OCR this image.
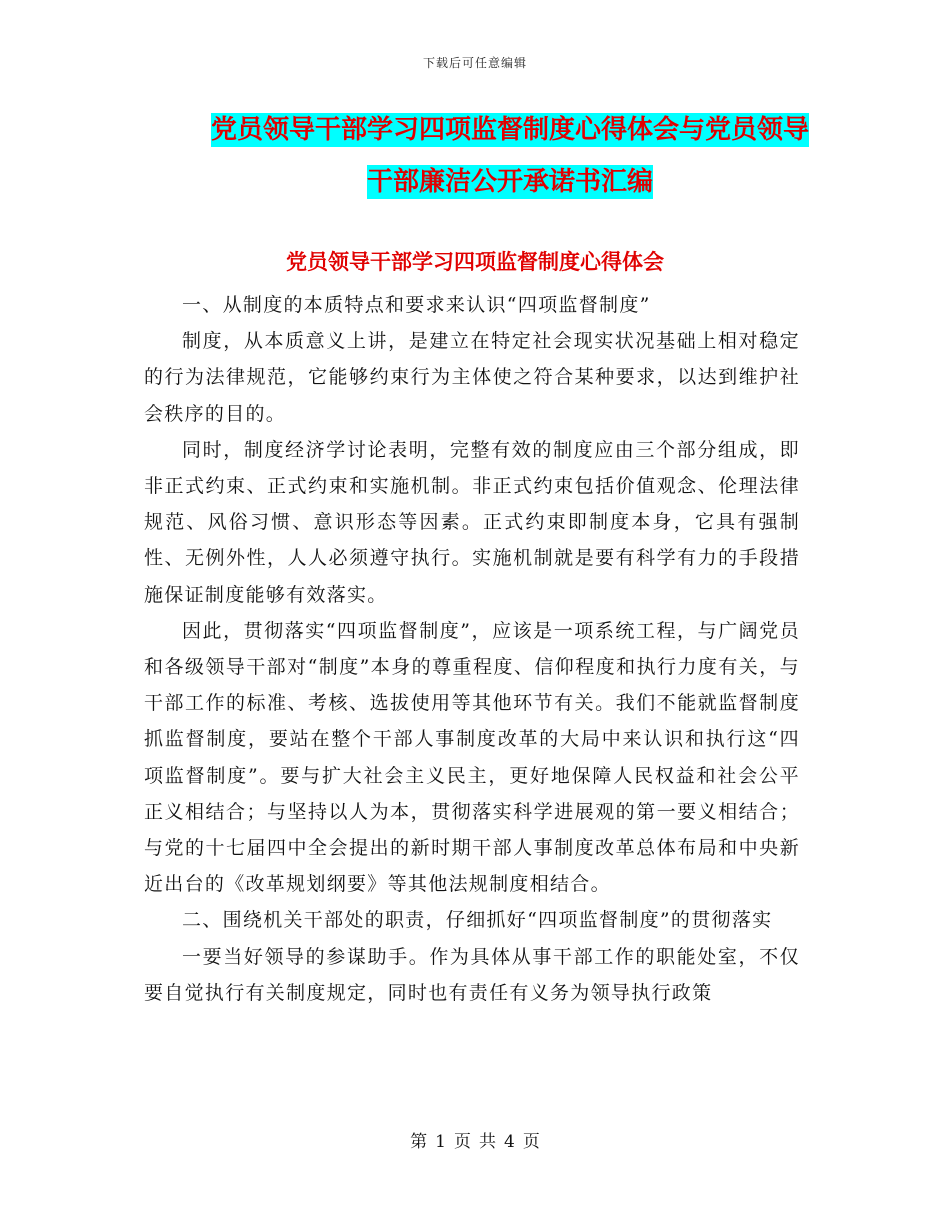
下载后可任意编辑
党员领导干部学习四项监督制度心得体会与党员领导
干部廉洁公开承诺书汇编
党员领导干部学习四项监督制度心得体会

一、从制度的本质特点和要求来认识“四项监督制度”

制度，从本质意义上讲，是建立在特定社会现实状况基础上相对稳定的行为法律规范，它能够约束行为主体使之符合某种要求，以达到维护社会秩序的目的。

同时，制度经济学讨论表明，完整有效的制度应由三个部分组成，即非正式约束、正式约束和实施机制。非正式约束包括价值观念、伦理法律规范、风俗习惯、意识形态等因素。正式约束即制度本身，它具有强制性、无例外性，人人必须遵守执行。实施机制就是要有科学有力的手段措施保证制度能够有效落实。

因此，贯彻落实“四项监督制度”，应该是一项系统工程，与广阔党员和各级领导干部对“制度”本身的尊重程度、信仰程度和执行力度有关，与干部工作的标准、考核、选拔使用等其他环节有关。我们不能就监督制度抓监督制度，要站在整个干部人事制度改革的大局中来认识和执行这“四项监督制度”。要与扩大社会主义民主，更好地保障人民权益和社会公平正义相结合；与坚持以人为本，贯彻落实科学进展观的第一要义相结合；与党的十七届四中全会提出的新时期干部人事制度改革总体布局和中央新近出台的《改革规划纲要》等其他法规制度相结合。

二、围绕机关干部处的职责，仔细抓好“四项监督制度”的贯彻落实

一要当好领导的参谋助手。作为具体从事干部工作的职能处室，不仅要自觉执行有关制度规定，同时也有责任有义务为领导执行政策

第 1 页 共 4 页
